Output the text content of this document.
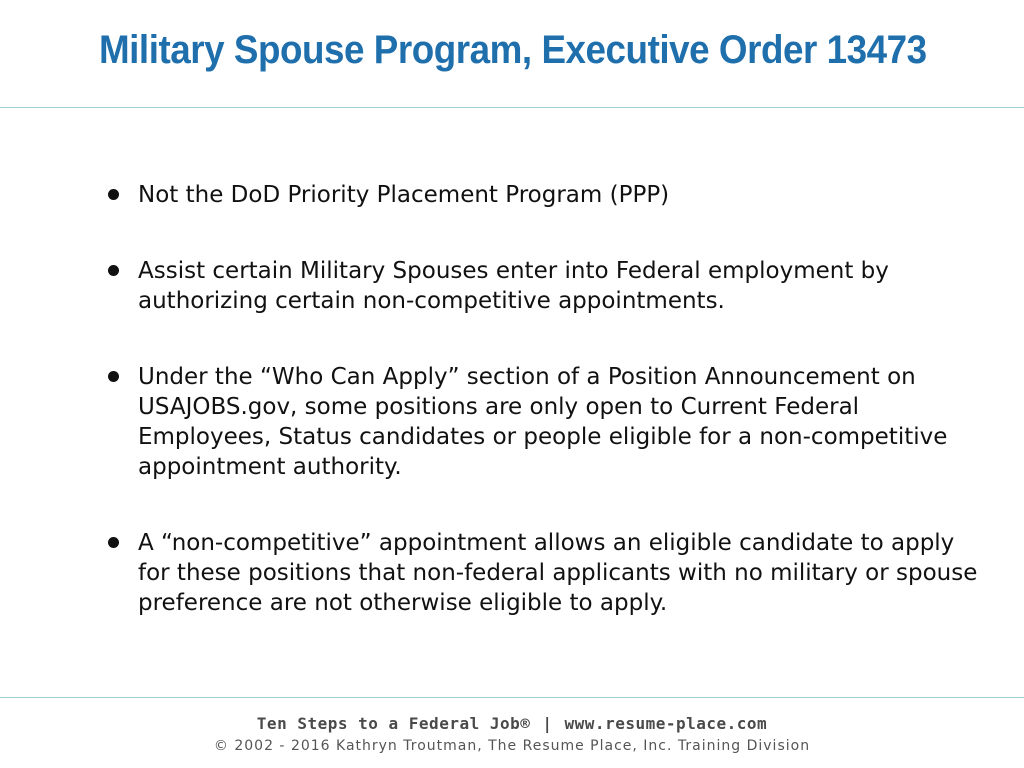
Military Spouse Program, Executive Order 13473
Not the DoD Priority Placement Program (PPP)
Assist certain Military Spouses enter into Federal employment by authorizing certain non-competitive appointments.
Under the “Who Can Apply” section of a Position Announcement on USAJOBS.gov, some positions are only open to Current Federal Employees, Status candidates or people eligible for a non-competitive appointment authority.
A “non-competitive” appointment allows an eligible candidate to apply for these positions that non-federal applicants with no military or spouse preference are not otherwise eligible to apply.
Ten Steps to a Federal Job® | www.resume-place.com
© 2002 - 2016 Kathryn Troutman, The Resume Place, Inc. Training Division
